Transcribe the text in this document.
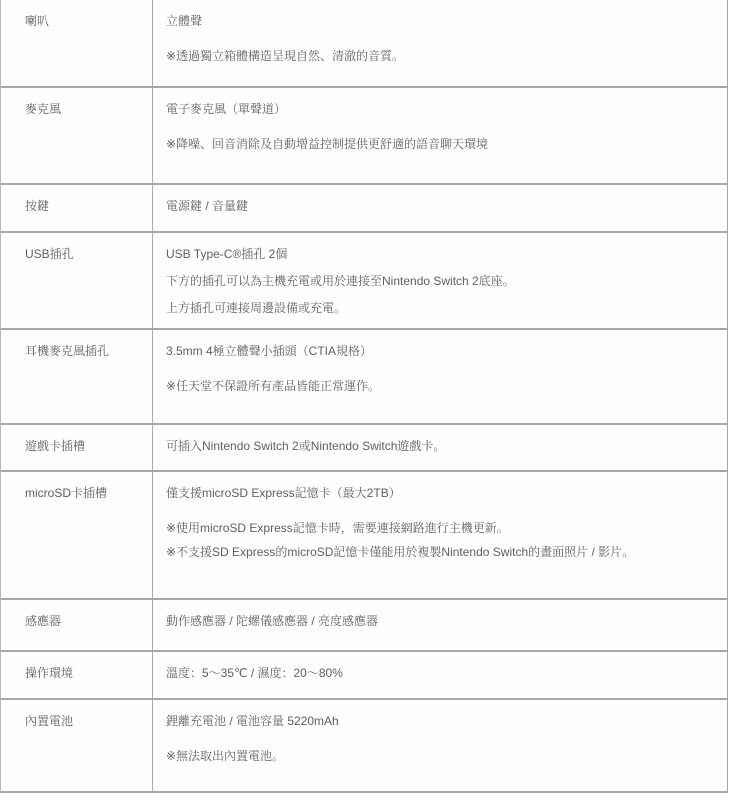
喇叭	立體聲

※透過獨立箱體構造呈現自然、清澈的音質。

麥克風	電子麥克風（單聲道）

※降噪、回音消除及自動增益控制提供更舒適的語音聊天環境

按鍵	電源鍵 / 音量鍵

USB插孔	USB Type-C®插孔 2個

下方的插孔可以為主機充電或用於連接至Nintendo Switch 2底座。

上方插孔可連接周邊設備或充電。

耳機麥克風插孔	3.5mm 4極立體聲小插頭（CTIA規格）

※任天堂不保證所有產品皆能正常運作。

遊戲卡插槽	可插入Nintendo Switch 2或Nintendo Switch遊戲卡。

microSD卡插槽	僅支援microSD Express記憶卡（最大2TB）

※使用microSD Express記憶卡時，需要連接網路進行主機更新。

※不支援SD Express的microSD記憶卡僅能用於複製Nintendo Switch的畫面照片 / 影片。

感應器	動作感應器 / 陀螺儀感應器 / 亮度感應器

操作環境	溫度：5～35℃ / 濕度：20～80%

內置電池	鋰離充電池 / 電池容量 5220mAh

※無法取出內置電池。
